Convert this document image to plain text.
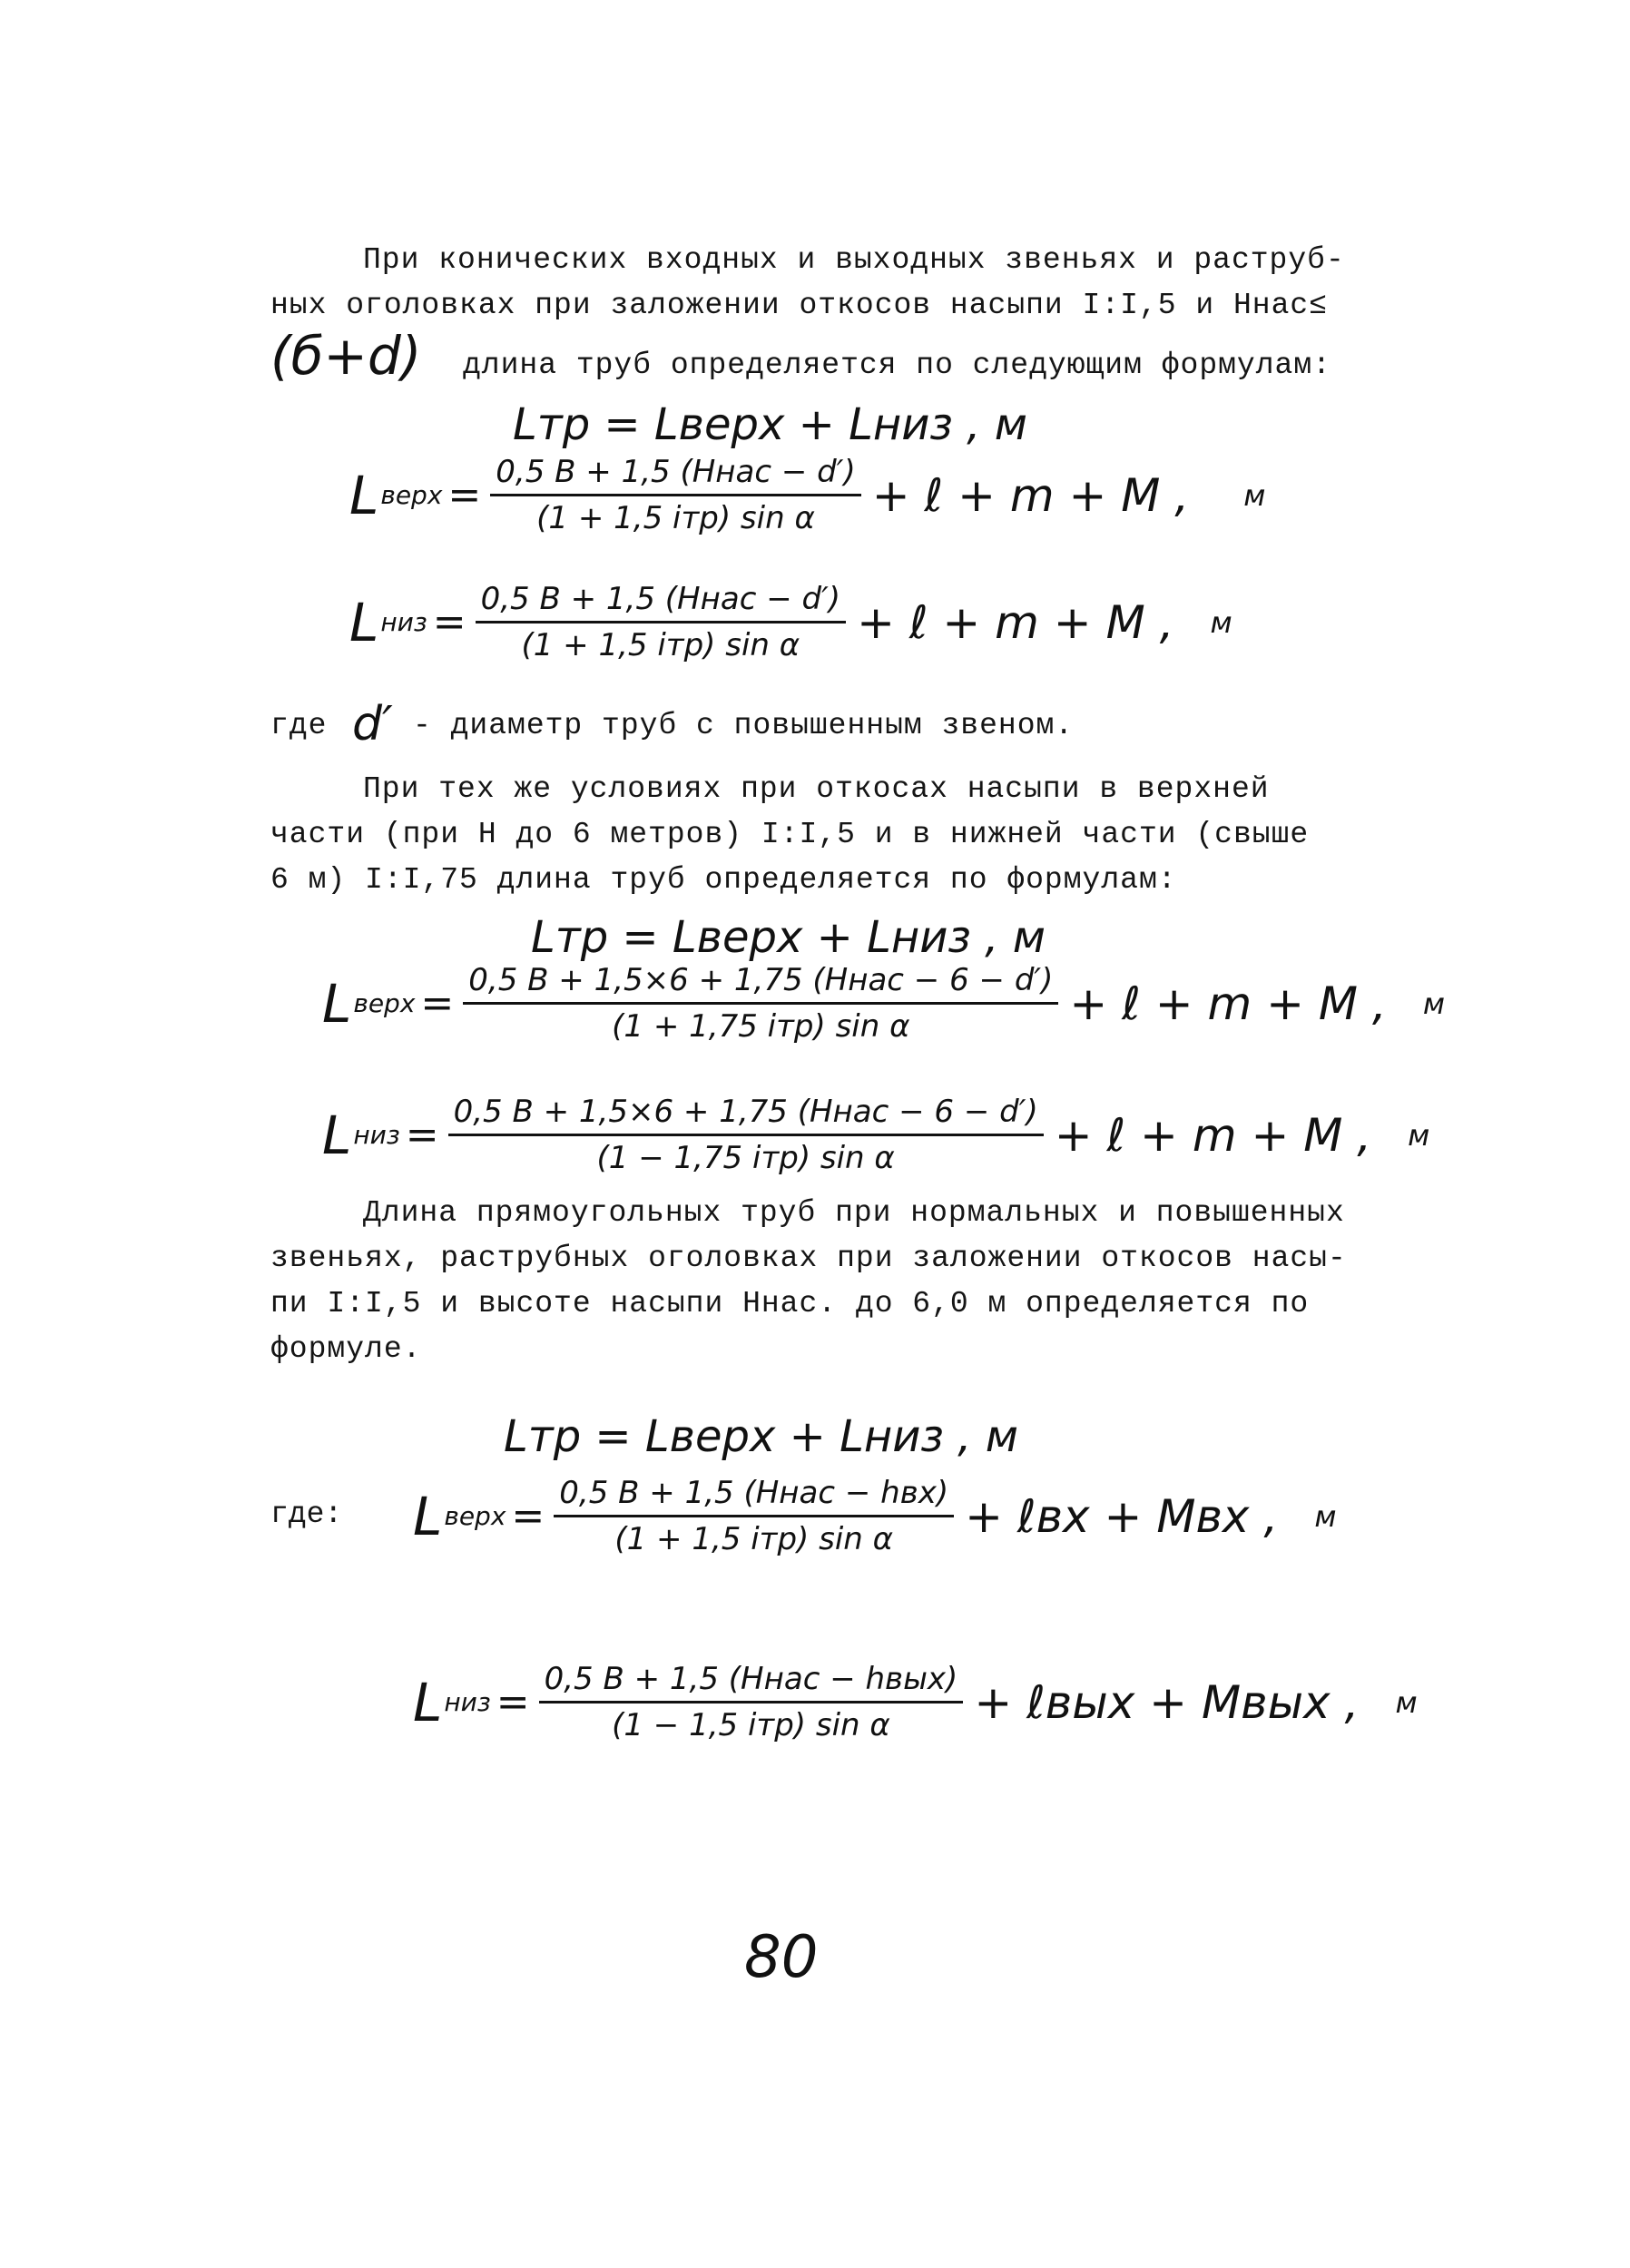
При конических входных и выходных звеньях и раструб-
ных оголовках при заложении откосов насыпи I:I,5 и Hнас≤
(б+d) длина труб определяется по следующим формулам:
Lтр = Lверх + Lниз , м
L верх = $\frac{\text{0,5 B + 1,5 (Hнас − d′)}}{\text{(1 + 1,5 iтр) sin α}}$ + ℓ + m + M , м
L низ = $\frac{\text{0,5 B + 1,5 (Hнас − d′)}}{\text{(1 + 1,5 iтр) sin α}}$ + ℓ + m + M , м
где d′ - диаметр труб с повышенным звеном.
При тех же условиях при откосах насыпи в верхней
части (при H до 6 метров) I:I,5 и в нижней части (свыше
6 м) I:I,75 длина труб определяется по формулам:
Lтр = Lверх + Lниз , м
L верх = $\frac{\text{0,5 B + 1,5×6 + 1,75 (Hнас − 6 − d′)}}{\text{(1 + 1,75 iтр) sin α}}$ + ℓ + m + M , м
L низ = $\frac{\text{0,5 B + 1,5×6 + 1,75 (Hнас − 6 − d′)}}{\text{(1 − 1,75 iтр) sin α}}$ + ℓ + m + M , м
Длина прямоугольных труб при нормальных и повышенных
звеньях, раструбных оголовках при заложении откосов насы-
пи I:I,5 и высоте насыпи Hнас. до 6,0 м определяется по
формуле.
Lтр = Lверх + Lниз , м
где: L верх = $\frac{\text{0,5 B + 1,5 (Hнас − hвх)}}{\text{(1 + 1,5 iтр) sin α}}$ + ℓвх + Mвх , м
L низ = $\frac{\text{0,5 B + 1,5 (Hнас − hвых)}}{\text{(1 − 1,5 iтр) sin α}}$ + ℓвых + Mвых , м
80
